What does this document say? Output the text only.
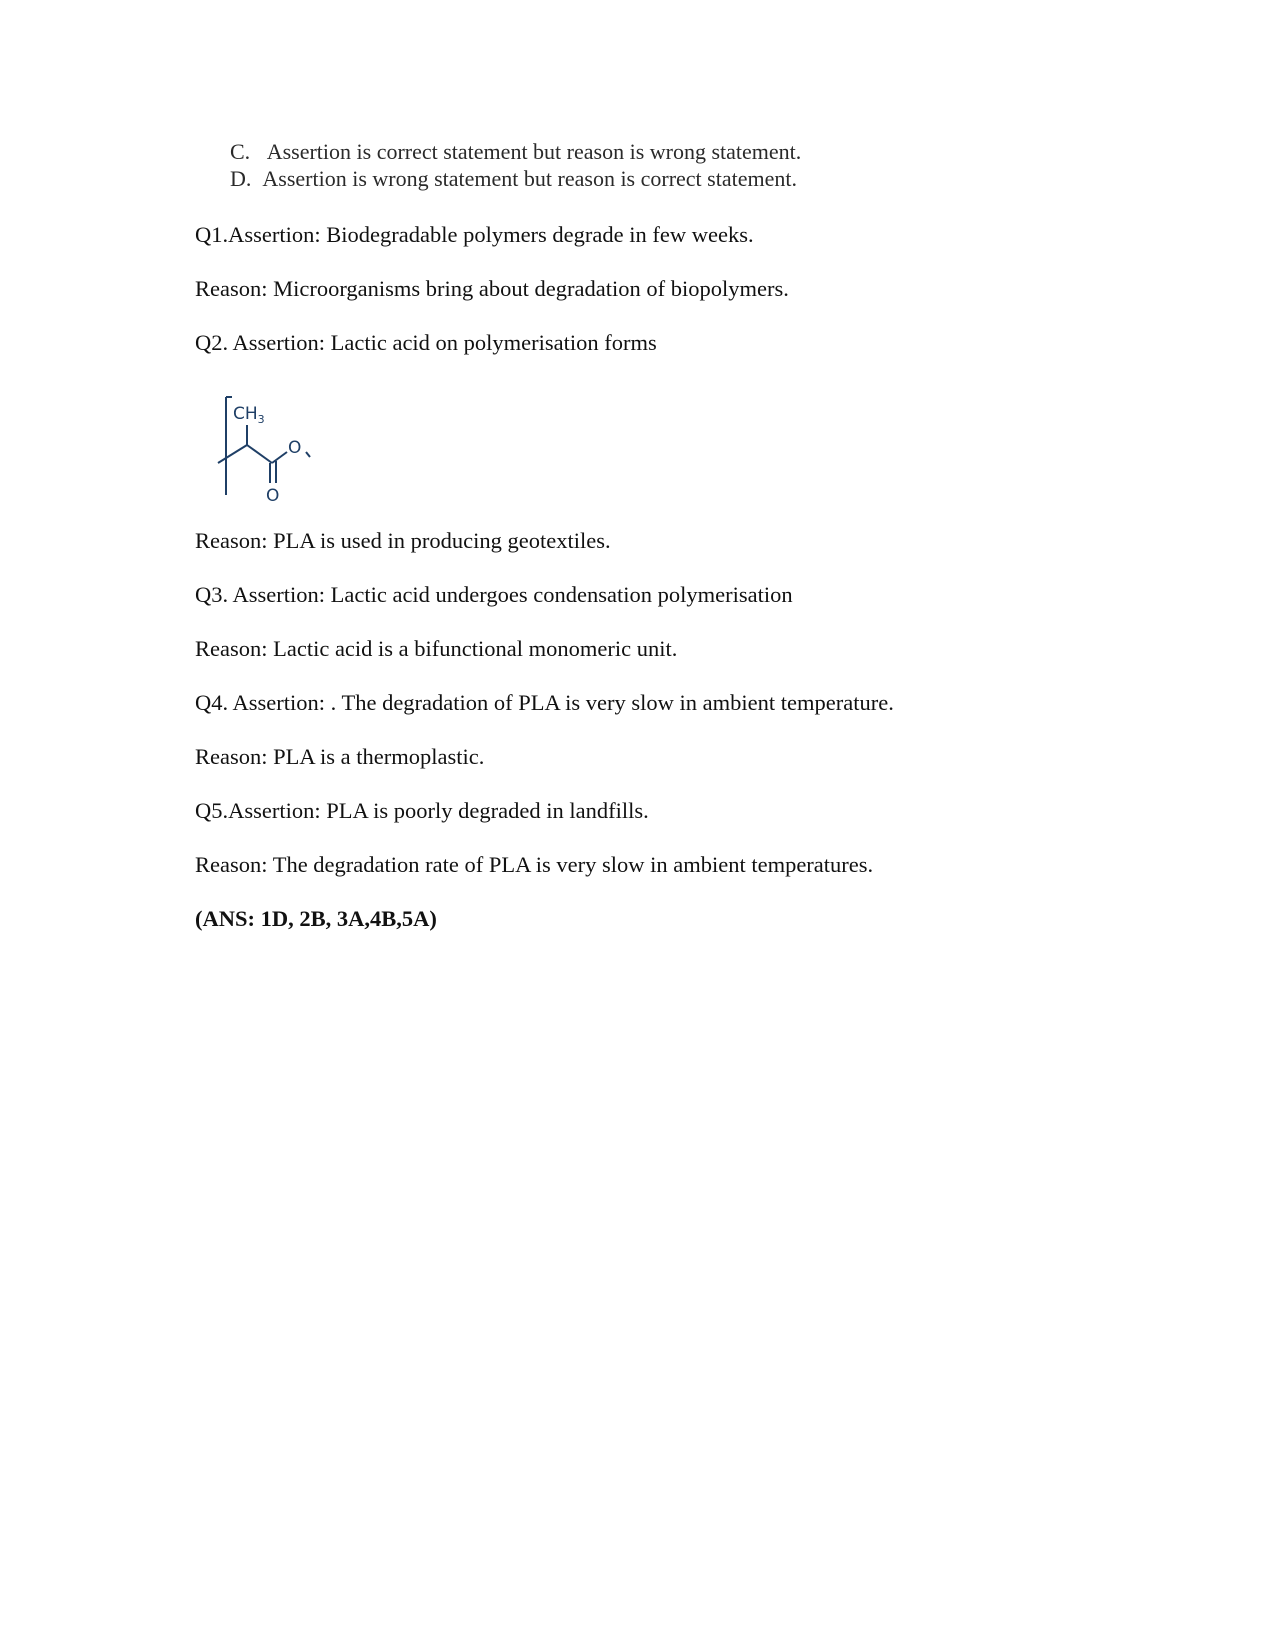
C. Assertion is correct statement but reason is wrong statement.
D. Assertion is wrong statement but reason is correct statement.
Q1.Assertion: Biodegradable polymers degrade in few weeks.
Reason: Microorganisms bring about degradation of biopolymers.
Q2. Assertion: Lactic acid on polymerisation forms
$CH_3$
O
O
Reason: PLA is used in producing geotextiles.
Q3. Assertion: Lactic acid undergoes condensation polymerisation
Reason: Lactic acid is a bifunctional monomeric unit.
Q4. Assertion: . The degradation of PLA is very slow in ambient temperature.
Reason: PLA is a thermoplastic.
Q5.Assertion: PLA is poorly degraded in landfills.
Reason: The degradation rate of PLA is very slow in ambient temperatures.
(ANS: 1D, 2B, 3A,4B,5A)
